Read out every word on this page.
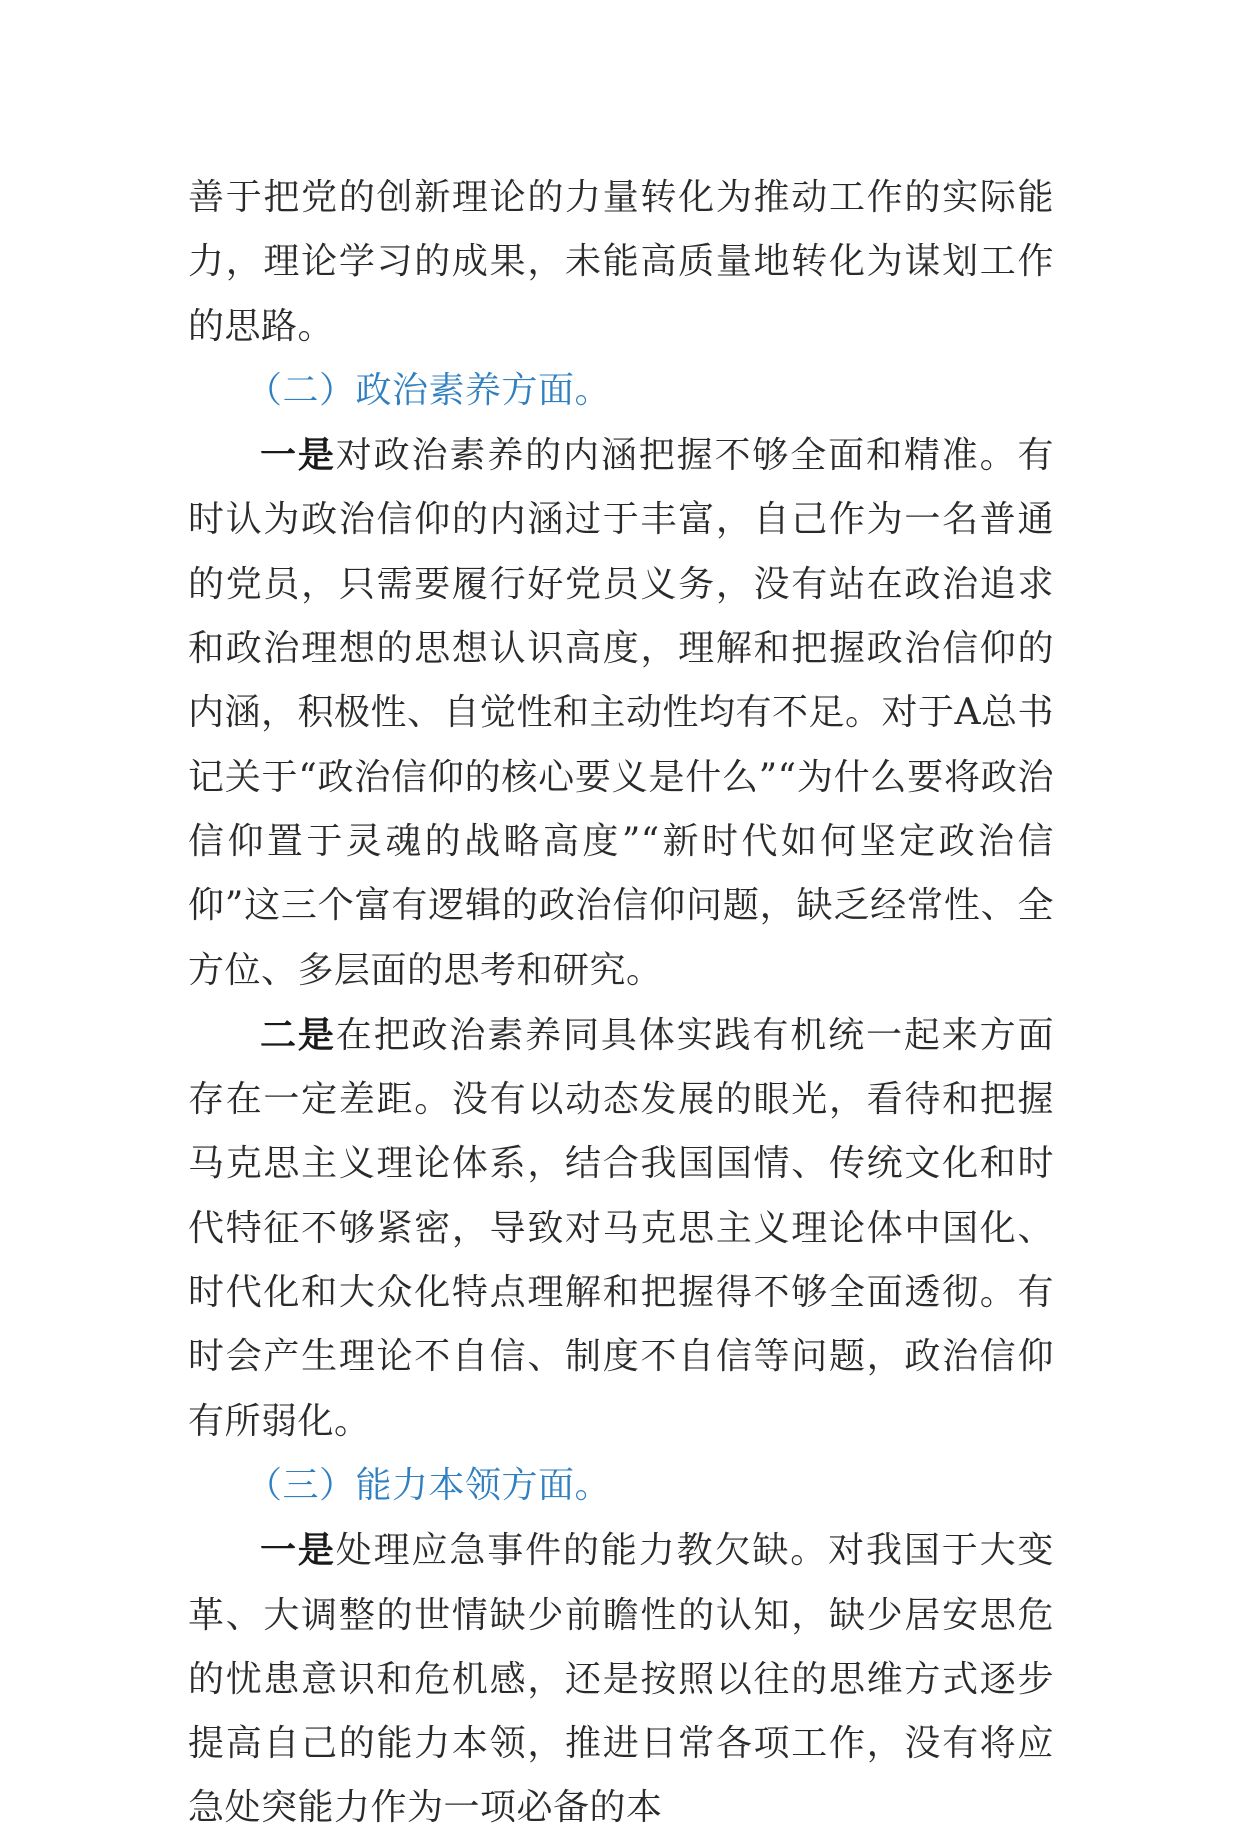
善于把党的创新理论的力量转化为推动工作的实际能力，理论学习的成果，未能高质量地转化为谋划工作的思路。

（二）政治素养方面。

一是对政治素养的内涵把握不够全面和精准。有时认为政治信仰的内涵过于丰富，自己作为一名普通的党员，只需要履行好党员义务，没有站在政治追求和政治理想的思想认识高度，理解和把握政治信仰的内涵，积极性、自觉性和主动性均有不足。对于A总书记关于“政治信仰的核心要义是什么”“为什么要将政治信仰置于灵魂的战略高度”“新时代如何坚定政治信仰”这三个富有逻辑的政治信仰问题，缺乏经常性、全方位、多层面的思考和研究。

二是在把政治素养同具体实践有机统一起来方面存在一定差距。没有以动态发展的眼光，看待和把握马克思主义理论体系，结合我国国情、传统文化和时代特征不够紧密，导致对马克思主义理论体中国化、时代化和大众化特点理解和把握得不够全面透彻。有时会产生理论不自信、制度不自信等问题，政治信仰有所弱化。

（三）能力本领方面。

一是处理应急事件的能力教欠缺。对我国于大变革、大调整的世情缺少前瞻性的认知，缺少居安思危的忧患意识和危机感，还是按照以往的思维方式逐步提高自己的能力本领，推进日常各项工作，没有将应急处突能力作为一项必备的本
